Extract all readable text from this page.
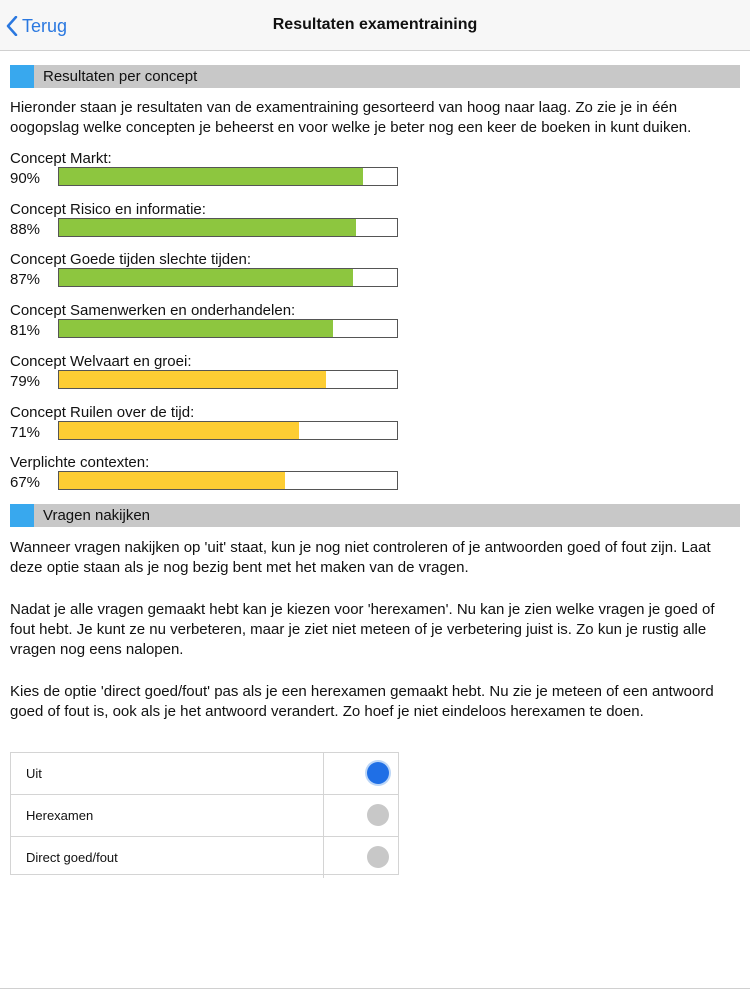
Terug	Resultaten examentraining
Resultaten per concept
Hieronder staan je resultaten van de examentraining gesorteerd van hoog naar laag. Zo zie je in één oogopslag welke concepten je beheerst en voor welke je beter nog een keer de boeken in kunt duiken.
Concept Markt:
90%
Concept Risico en informatie:
88%
Concept Goede tijden slechte tijden:
87%
Concept Samenwerken en onderhandelen:
81%
Concept Welvaart en groei:
79%
Concept Ruilen over de tijd:
71%
Verplichte contexten:
67%
Vragen nakijken
Wanneer vragen nakijken op 'uit' staat, kun je nog niet controleren of je antwoorden goed of fout zijn. Laat deze optie staan als je nog bezig bent met het maken van de vragen.
Nadat je alle vragen gemaakt hebt kan je kiezen voor 'herexamen'. Nu kan je zien welke vragen je goed of fout hebt. Je kunt ze nu verbeteren, maar je ziet niet meteen of je verbetering juist is. Zo kun je rustig alle vragen nog eens nalopen.
Kies de optie 'direct goed/fout' pas als je een herexamen gemaakt hebt. Nu zie je meteen of een antwoord goed of fout is, ook als je het antwoord verandert. Zo hoef je niet eindeloos herexamen te doen.
Uit
Herexamen
Direct goed/fout
